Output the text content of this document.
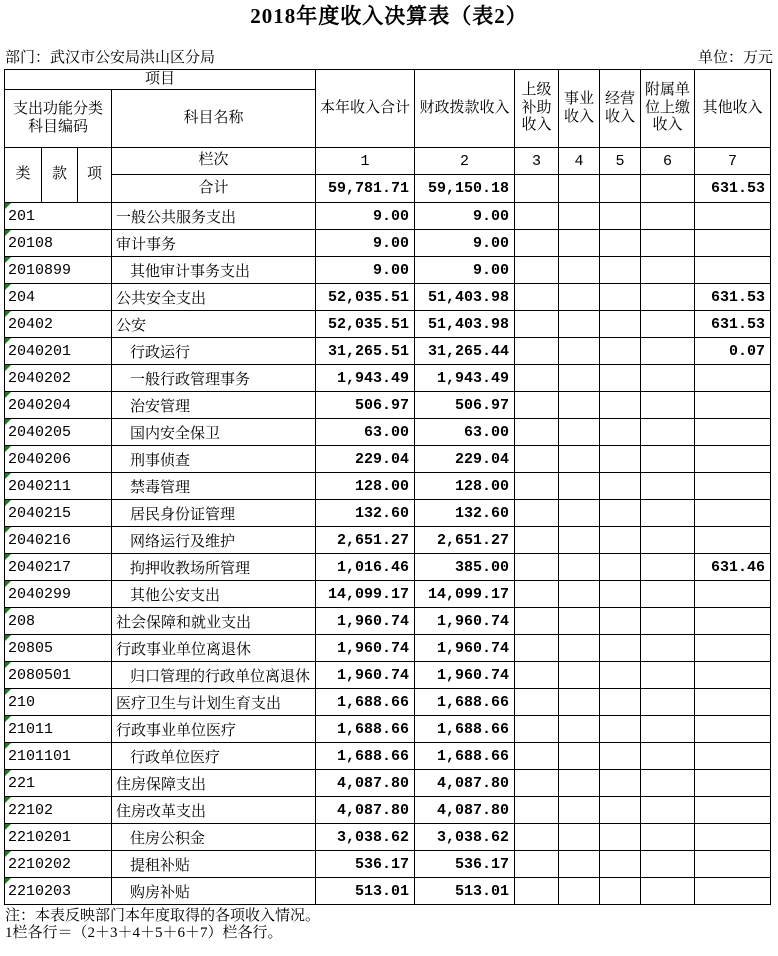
2018年度收入决算表（表2）
部门：武汉市公安局洪山区分局	单位：万元
项目				本年收入合计	财政拨款收入	上级补助收入	事业收入	经营收入	附属单位上缴收入	其他收入
支出功能分类科目编码			科目名称							
类	款	项	栏次	1	2	3	4	5	6	7
			合计	59,781.71	59,150.18					631.53

201			一般公共服务支出	9.00	9.00					

20108			审计事务	9.00	9.00					

2010899			其他审计事务支出	9.00	9.00					

204			公共安全支出	52,035.51	51,403.98					631.53

20402			公安	52,035.51	51,403.98					631.53

2040201			行政运行	31,265.51	31,265.44					0.07

2040202			一般行政管理事务	1,943.49	1,943.49					

2040204			治安管理	506.97	506.97					

2040205			国内安全保卫	63.00	63.00					

2040206			刑事侦查	229.04	229.04					

2040211			禁毒管理	128.00	128.00					

2040215			居民身份证管理	132.60	132.60					

2040216			网络运行及维护	2,651.27	2,651.27					

2040217			拘押收教场所管理	1,016.46	385.00					631.46

2040299			其他公安支出	14,099.17	14,099.17					

208			社会保障和就业支出	1,960.74	1,960.74					

20805			行政事业单位离退休	1,960.74	1,960.74					

2080501			归口管理的行政单位离退休	1,960.74	1,960.74					

210			医疗卫生与计划生育支出	1,688.66	1,688.66					

21011			行政事业单位医疗	1,688.66	1,688.66					

2101101			行政单位医疗	1,688.66	1,688.66					

221			住房保障支出	4,087.80	4,087.80					

22102			住房改革支出	4,087.80	4,087.80					

2210201			住房公积金	3,038.62	3,038.62					

2210202			提租补贴	536.17	536.17					

2210203			购房补贴	513.01	513.01					
注：本表反映部门本年度取得的各项收入情况。
1栏各行＝（2＋3＋4＋5＋6＋7）栏各行。
